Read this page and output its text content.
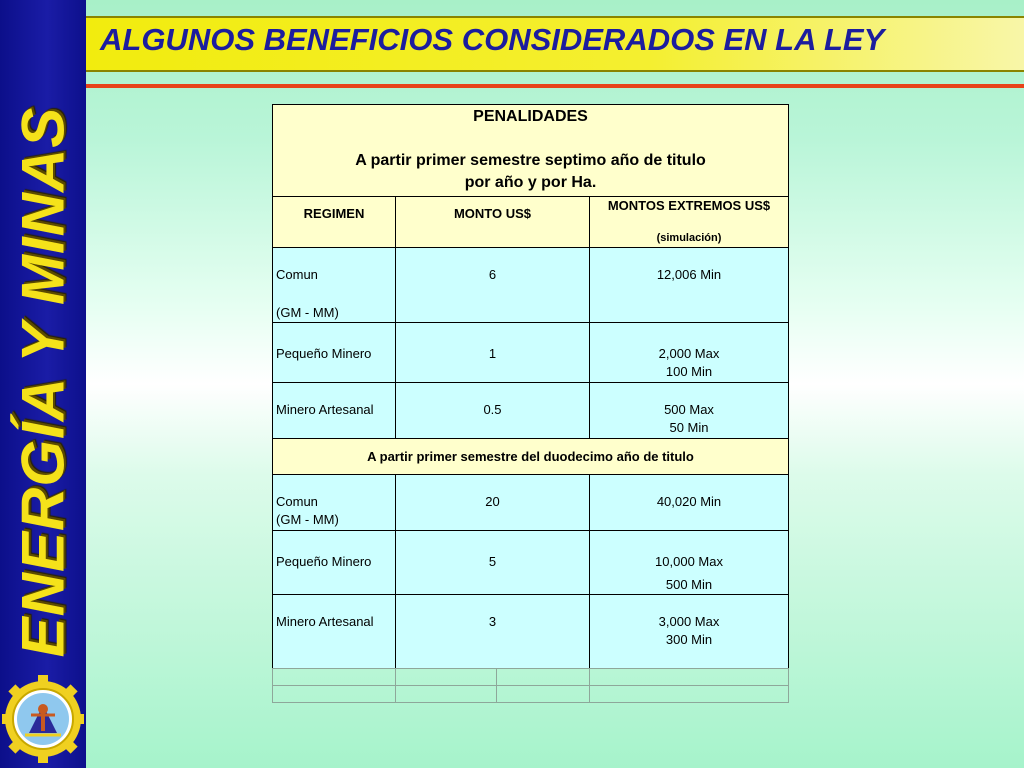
ENERGÍA Y MINAS
ALGUNOS BENEFICIOS CONSIDERADOS EN LA LEY
PENALIDADES
A partir primer semestre septimo año de titulo
por año y por Ha.		

REGIMEN	MONTO US$	MONTOS EXTREMOS US$
(simulación)

Comun
(GM - MM)	6	12,006 Min

Pequeño Minero	1	2,000 Max
100 Min

Minero Artesanal	0.5	500 Max
50 Min

A partir primer semestre del duodecimo año de titulo		

Comun
(GM - MM)	20	40,020 Min

Pequeño Minero	5	10,000 Max
500 Min

Minero Artesanal	3	3,000 Max
300 Min
